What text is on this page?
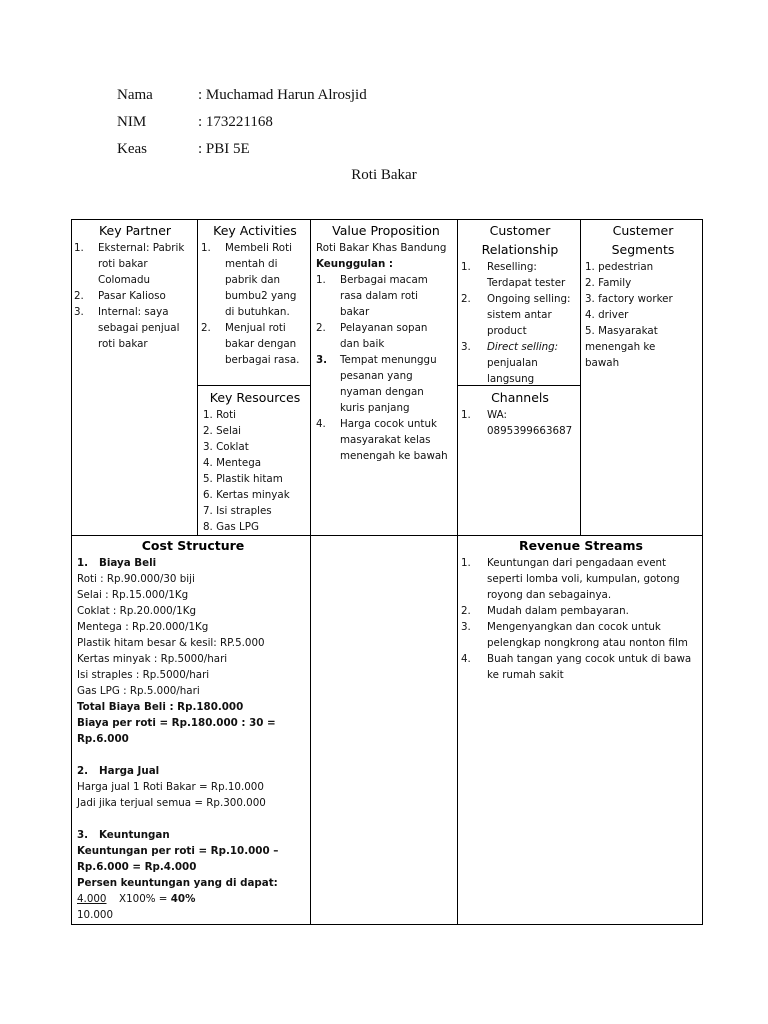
Nama	: Muchamad Harun Alrosjid
NIM	: 173221168
Keas	: PBI 5E
Roti Bakar
Key Partner
1. Eksternal: Pabrik
roti bakar
Colomadu
2. Pasar Kalioso
3. Internal: saya
sebagai penjual
roti bakar
Key Activities
1. Membeli Roti
mentah di
pabrik dan
bumbu2 yang
di butuhkan.
2. Menjual roti
bakar dengan
berbagai rasa.
Key Resources
1. Roti
2. Selai
3. Coklat
4. Mentega
5. Plastik hitam
6. Kertas minyak
7. Isi straples
8. Gas LPG
Value Proposition

Roti Bakar Khas Bandung

Keunggulan :

1. Berbagai macam
rasa dalam roti
bakar
2. Pelayanan sopan
dan baik
3. Tempat menunggu
pesanan yang
nyaman dengan
kuris panjang
4. Harga cocok untuk
masyarakat kelas
menengah ke bawah
Customer
Relationship
1. Reselling:
Terdapat tester
2. Ongoing selling:
sistem antar
product
3. Direct selling:
penjualan
langsung
Channels
1. WA:
0895399663687
Custemer
Segments
1. pedestrian
2. Family
3. factory worker
4. driver
5. Masyarakat
menengah ke
bawah
Cost Structure

1. Biaya Beli

Roti : Rp.90.000/30 biji
Selai : Rp.15.000/1Kg
Coklat : Rp.20.000/1Kg
Mentega : Rp.20.000/1Kg
Plastik hitam besar & kesil: RP.5.000
Kertas minyak : Rp.5000/hari
Isi straples : Rp.5000/hari
Gas LPG : Rp.5.000/hari
Total Biaya Beli : Rp.180.000
Biaya per roti = Rp.180.000 : 30 =
Rp.6.000

2. Harga Jual

Harga jual 1 Roti Bakar = Rp.10.000
Jadi jika terjual semua = Rp.300.000

3. Keuntungan

Keuntungan per roti = Rp.10.000 –
Rp.6.000 = Rp.4.000
Persen keuntungan yang di dapat:

4.000 X100% = 40%

10.000

Revenue Streams
1. Keuntungan dari pengadaan event
seperti lomba voli, kumpulan, gotong
royong dan sebagainya.
2. Mudah dalam pembayaran.
3. Mengenyangkan dan cocok untuk
pelengkap nongkrong atau nonton film
4. Buah tangan yang cocok untuk di bawa
ke rumah sakit
